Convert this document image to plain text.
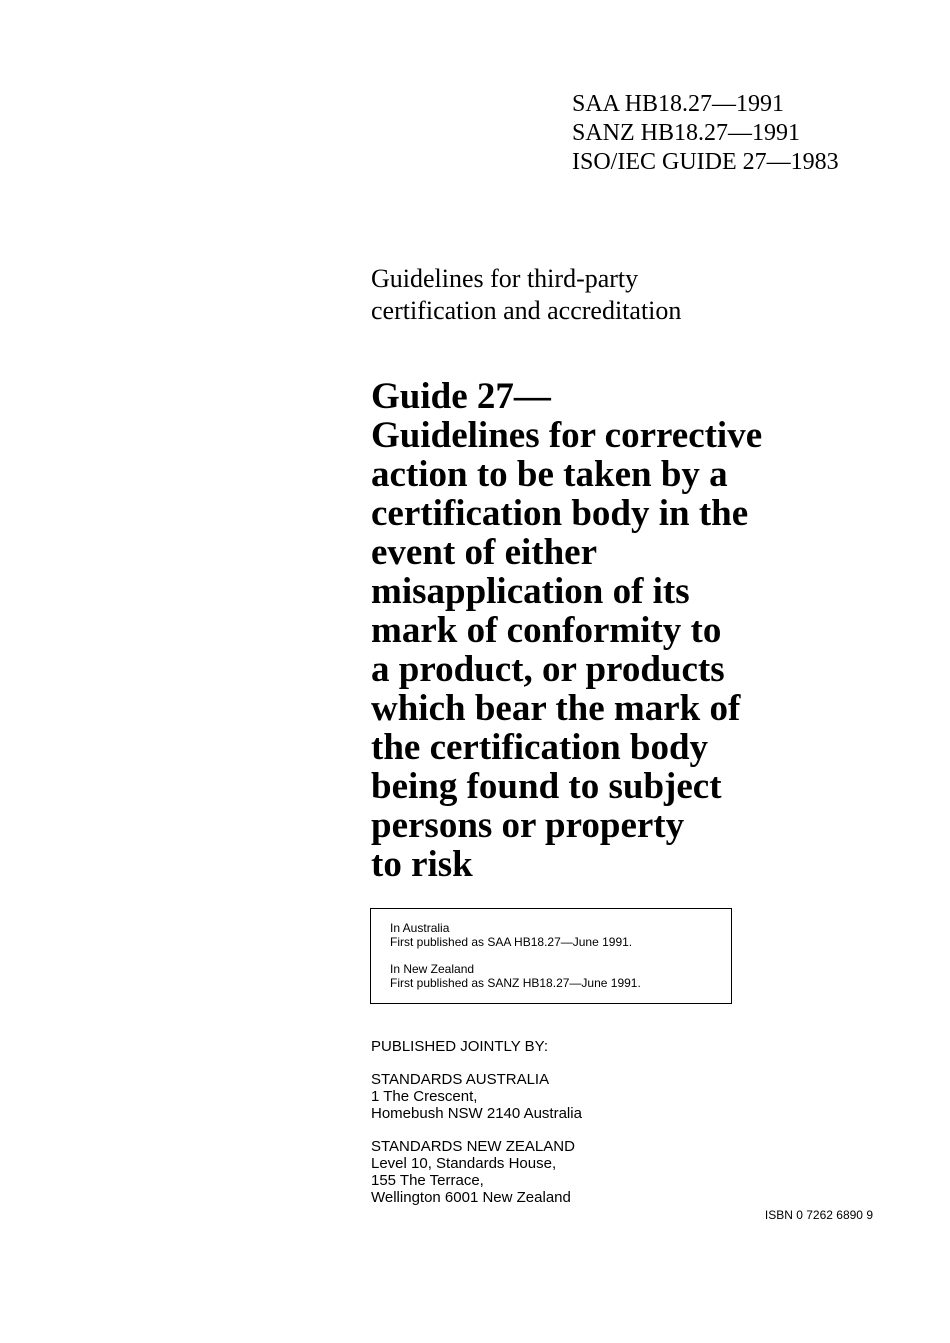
SAA HB18.27—1991
SANZ HB18.27—1991
ISO/IEC GUIDE 27—1983
Guidelines for third-party
certification and accreditation
Guide 27—
Guidelines for corrective
action to be taken by a
certification body in the
event of either
misapplication of its
mark of conformity to
a product, or products
which bear the mark of
the certification body
being found to subject
persons or property
to risk
In Australia
First published as SAA HB18.27—June 1991.
In New Zealand
First published as SANZ HB18.27—June 1991.
PUBLISHED JOINTLY BY:
STANDARDS AUSTRALIA
1 The Crescent,
Homebush NSW 2140 Australia
STANDARDS NEW ZEALAND
Level 10, Standards House,
155 The Terrace,
Wellington 6001 New Zealand
ISBN 0 7262 6890 9
